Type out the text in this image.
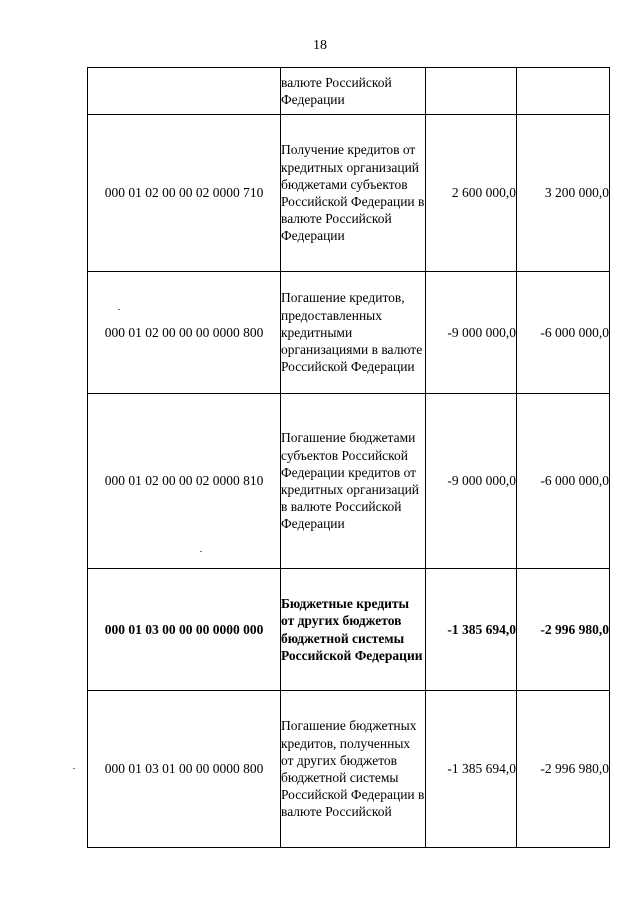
18
	валюте Российской Федерации		
000 01 02 00 00 02 0000 710	Получение кредитов от кредитных организаций бюджетами субъектов Российской Федерации в валюте Российской Федерации	2 600 000,0	3 200 000,0
000 01 02 00 00 00 0000 800	Погашение кредитов, предоставленных кредитными организациями в валюте Российской Федерации	-9 000 000,0	-6 000 000,0
000 01 02 00 00 02 0000 810	Погашение бюджетами субъектов Российской Федерации кредитов от кредитных организаций в валюте Российской Федерации	-9 000 000,0	-6 000 000,0
000 01 03 00 00 00 0000 000	Бюджетные кредиты от других бюджетов бюджетной системы Российской Федерации	-1 385 694,0	-2 996 980,0
000 01 03 01 00 00 0000 800	Погашение бюджетных кредитов, полученных от других бюджетов бюджетной системы Российской Федерации в валюте Российской	-1 385 694,0	-2 996 980,0
